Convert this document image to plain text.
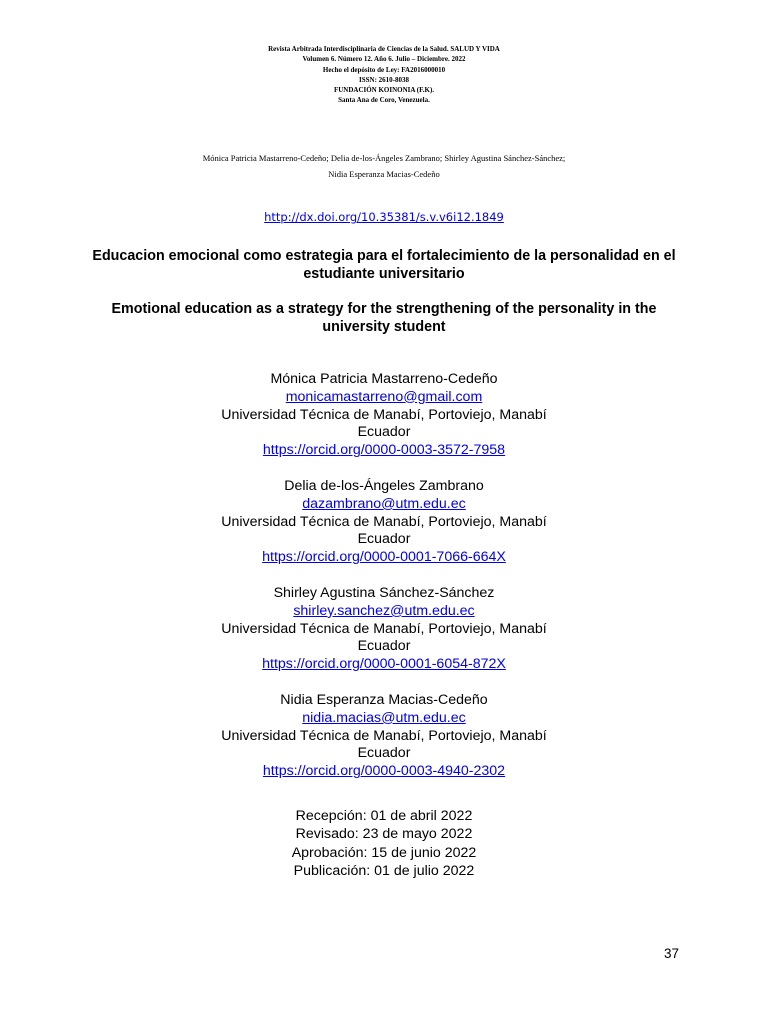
Revista Arbitrada Interdisciplinaria de Ciencias de la Salud. SALUD Y VIDA
Volumen 6. Número 12. Año 6. Julio – Diciembre. 2022
Hecho el depósito de Ley: FA2016000010
ISSN: 2610-8038
FUNDACIÓN KOINONIA (F.K).
Santa Ana de Coro, Venezuela.
Mónica Patricia Mastarreno-Cedeño; Delia de-los-Ángeles Zambrano; Shirley Agustina Sánchez-Sánchez;
Nidia Esperanza Macias-Cedeño
http://dx.doi.org/10.35381/s.v.v6i12.1849
Educacion emocional como estrategia para el fortalecimiento de la personalidad en el estudiante universitario
Emotional education as a strategy for the strengthening of the personality in the university student
Mónica Patricia Mastarreno-Cedeño
monicamastarreno@gmail.com
Universidad Técnica de Manabí, Portoviejo, Manabí
Ecuador
https://orcid.org/0000-0003-3572-7958
Delia de-los-Ángeles Zambrano
dazambrano@utm.edu.ec
Universidad Técnica de Manabí, Portoviejo, Manabí
Ecuador
https://orcid.org/0000-0001-7066-664X
Shirley Agustina Sánchez-Sánchez
shirley.sanchez@utm.edu.ec
Universidad Técnica de Manabí, Portoviejo, Manabí
Ecuador
https://orcid.org/0000-0001-6054-872X
Nidia Esperanza Macias-Cedeño
nidia.macias@utm.edu.ec
Universidad Técnica de Manabí, Portoviejo, Manabí
Ecuador
https://orcid.org/0000-0003-4940-2302
Recepción: 01 de abril 2022
Revisado: 23 de mayo 2022
Aprobación: 15 de junio 2022
Publicación: 01 de julio 2022
37
